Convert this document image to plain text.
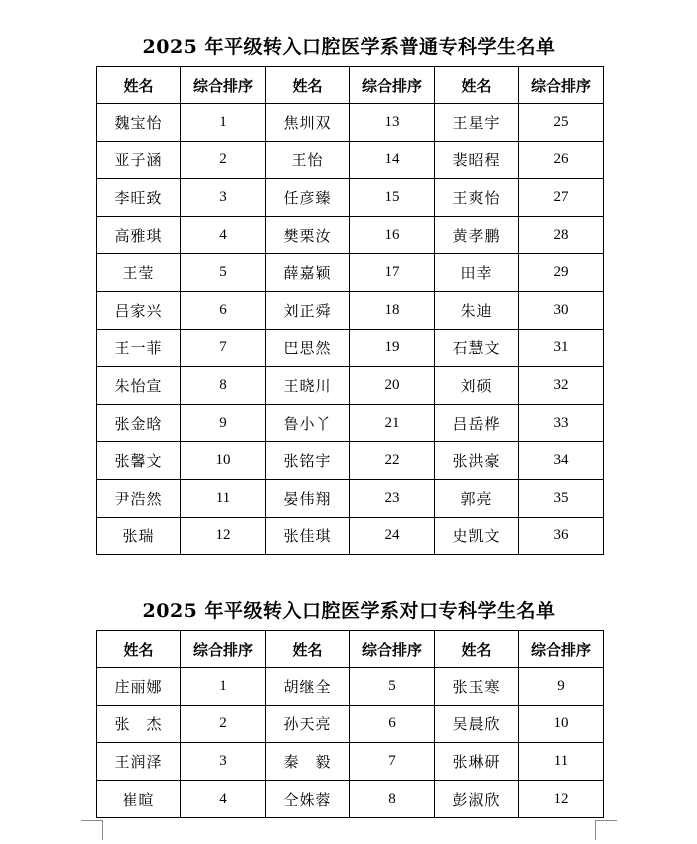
2025 年平级转入口腔医学系普通专科学生名单
姓名	综合排序	姓名	综合排序	姓名	综合排序
魏宝怡	1	焦圳双	13	王星宇	25
亚子涵	2	王怡	14	裴昭程	26
李旺致	3	任彦臻	15	王爽怡	27
高雅琪	4	樊栗汝	16	黄孝鹏	28
王莹	5	薛嘉颖	17	田幸	29
吕家兴	6	刘正舜	18	朱迪	30
王一菲	7	巴思然	19	石慧文	31
朱怡宣	8	王晓川	20	刘硕	32
张金晗	9	鲁小丫	21	吕岳桦	33
张馨文	10	张铭宇	22	张洪豪	34
尹浩然	11	晏伟翔	23	郭亮	35
张瑞	12	张佳琪	24	史凯文	36
2025 年平级转入口腔医学系对口专科学生名单
姓名	综合排序	姓名	综合排序	姓名	综合排序
庄丽娜	1	胡继全	5	张玉寒	9
张　杰	2	孙天亮	6	吴晨欣	10
王润泽	3	秦　毅	7	张琳研	11
崔暄	4	仝姝蓉	8	彭淑欣	12
